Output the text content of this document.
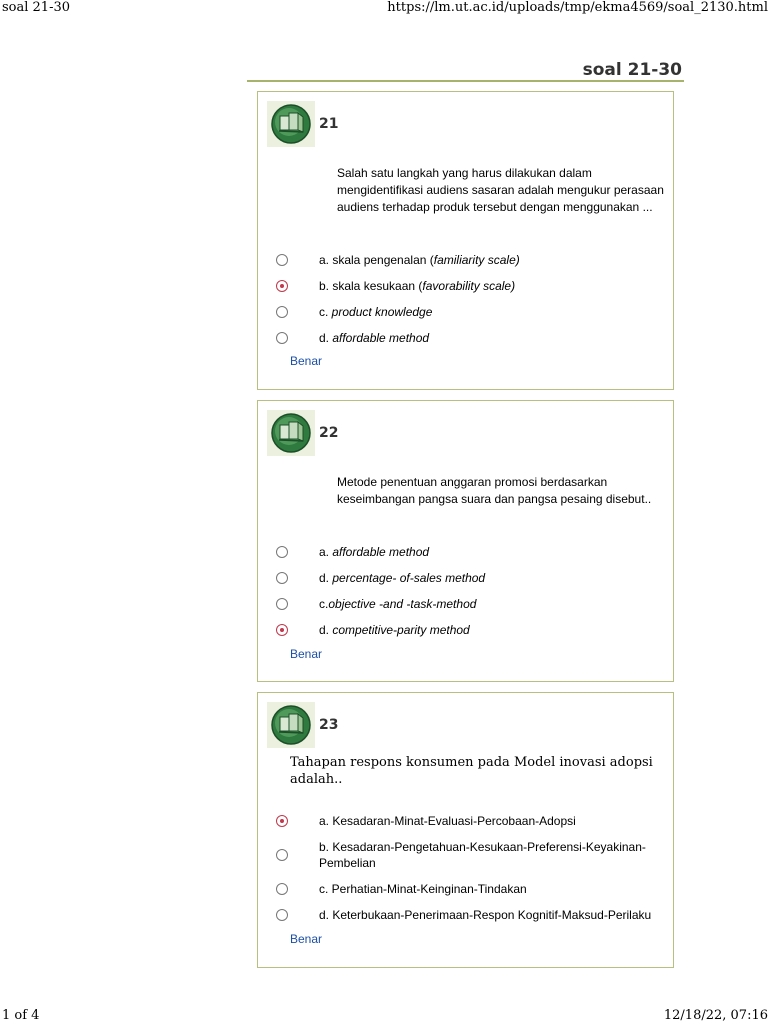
soal 21-30	https://lm.ut.ac.id/uploads/tmp/ekma4569/soal_2130.html
soal 21-30
21
Salah satu langkah yang harus dilakukan dalam
mengidentifikasi audiens sasaran adalah mengukur perasaan
audiens terhadap produk tersebut dengan menggunakan ...
a. skala pengenalan (familiarity scale)
b. skala kesukaan (favorability scale)
c. product knowledge
d. affordable method
Benar
22
Metode penentuan anggaran promosi berdasarkan
keseimbangan pangsa suara dan pangsa pesaing disebut..
a. affordable method
d. percentage- of-sales method
c.objective -and -task-method
d. competitive-parity method
Benar
23
Tahapan respons konsumen pada Model inovasi adopsi
adalah..
a. Kesadaran-Minat-Evaluasi-Percobaan-Adopsi
b. Kesadaran-Pengetahuan-Kesukaan-Preferensi-Keyakinan-
Pembelian
c. Perhatian-Minat-Keinginan-Tindakan
d. Keterbukaan-Penerimaan-Respon Kognitif-Maksud-Perilaku
Benar
1 of 4	12/18/22, 07:16
